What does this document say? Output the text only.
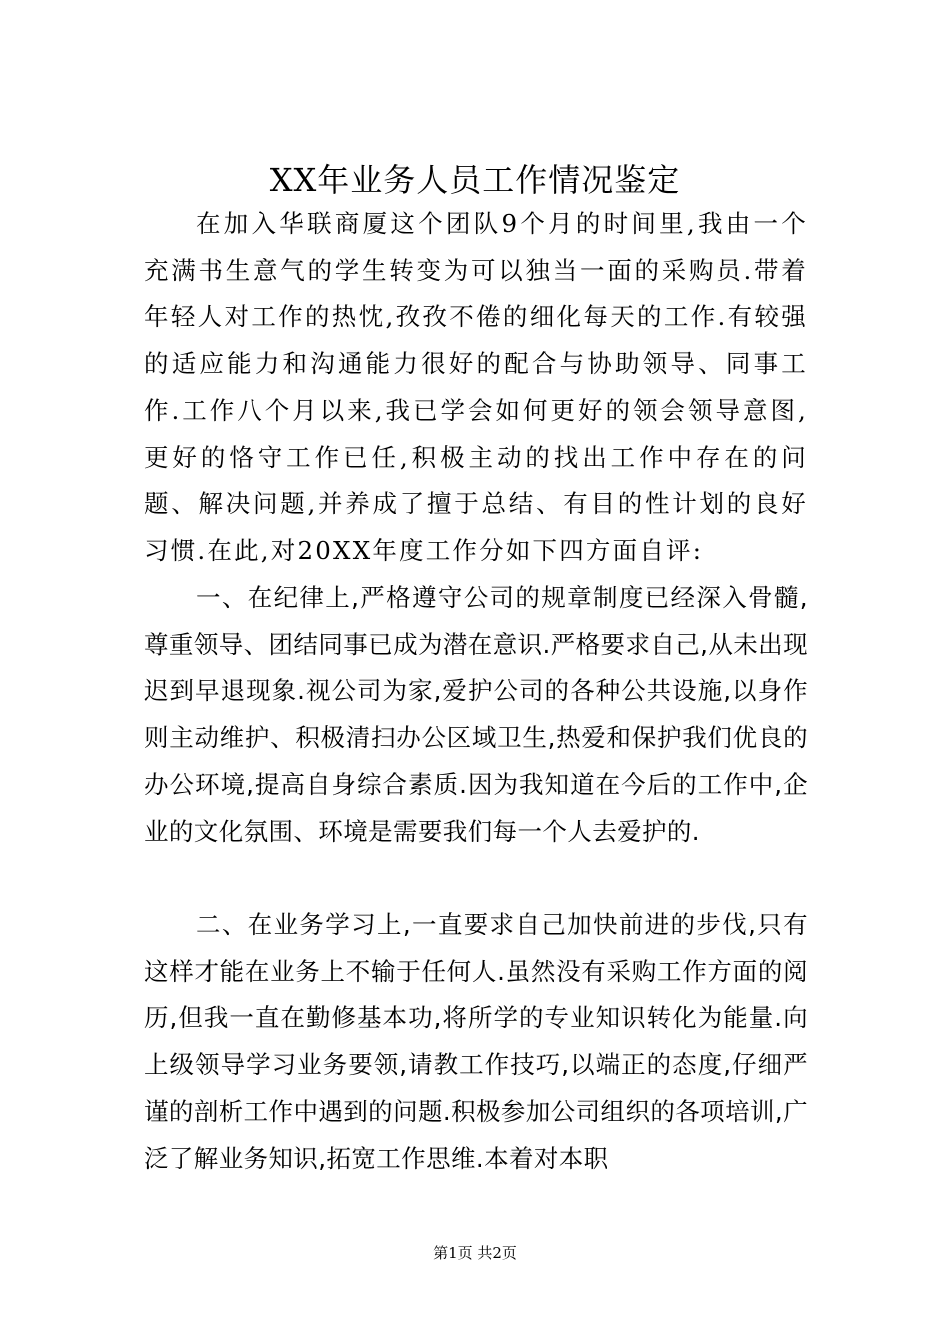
XX年业务人员工作情况鉴定

在加入华联商厦这个团队9个月的时间里,我由一个充满书生意气的学生转变为可以独当一面的采购员.带着年轻人对工作的热忱,孜孜不倦的细化每天的工作.有较强的适应能力和沟通能力很好的配合与协助领导、同事工作.工作八个月以来,我已学会如何更好的领会领导意图,更好的恪守工作已任,积极主动的找出工作中存在的问题、解决问题,并养成了擅于总结、有目的性计划的良好习惯.在此,对20XX年度工作分如下四方面自评:

一、在纪律上,严格遵守公司的规章制度已经深入骨髓,尊重领导、团结同事已成为潜在意识.严格要求自己,从未出现迟到早退现象.视公司为家,爱护公司的各种公共设施,以身作则主动维护、积极清扫办公区域卫生,热爱和保护我们优良的办公环境,提高自身综合素质.因为我知道在今后的工作中,企业的文化氛围、环境是需要我们每一个人去爱护的.

二、在业务学习上,一直要求自己加快前进的步伐,只有这样才能在业务上不输于任何人.虽然没有采购工作方面的阅历,但我一直在勤修基本功,将所学的专业知识转化为能量.向上级领导学习业务要领,请教工作技巧,以端正的态度,仔细严谨的剖析工作中遇到的问题.积极参加公司组织的各项培训,广泛了解业务知识,拓宽工作思维.本着对本职

第1页 共2页
